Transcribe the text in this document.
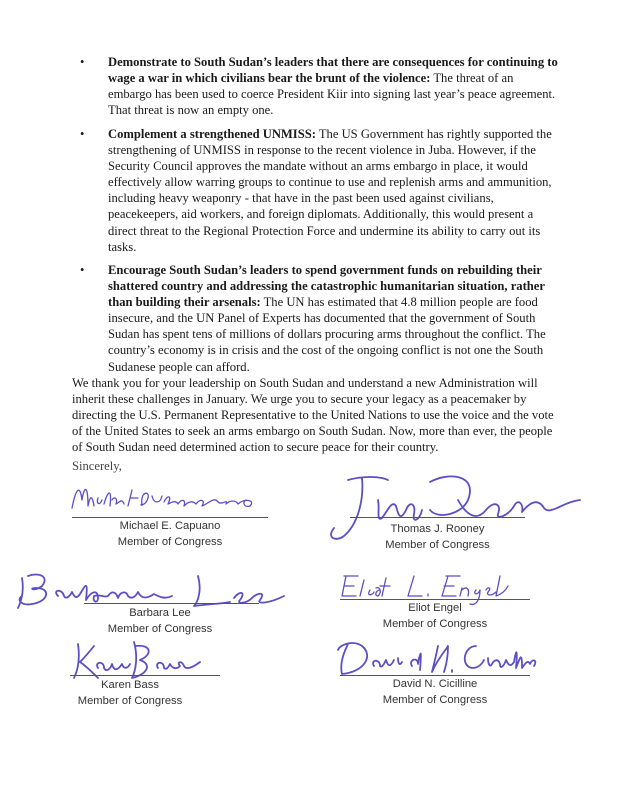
•	Demonstrate to South Sudan’s leaders that there are consequences for continuing to wage a war in which civilians bear the brunt of the violence: The threat of an embargo has been used to coerce President Kiir into signing last year’s peace agreement. That threat is now an empty one.
•	Complement a strengthened UNMISS: The US Government has rightly supported the strengthening of UNMISS in response to the recent violence in Juba. However, if the Security Council approves the mandate without an arms embargo in place, it would effectively allow warring groups to continue to use and replenish arms and ammunition, including heavy weaponry - that have in the past been used against civilians, peacekeepers, aid workers, and foreign diplomats. Additionally, this would present a direct threat to the Regional Protection Force and undermine its ability to carry out its tasks.
•	Encourage South Sudan’s leaders to spend government funds on rebuilding their shattered country and addressing the catastrophic humanitarian situation, rather than building their arsenals: The UN has estimated that 4.8 million people are food insecure, and the UN Panel of Experts has documented that the government of South Sudan has spent tens of millions of dollars procuring arms throughout the conflict. The country’s economy is in crisis and the cost of the ongoing conflict is not one the South Sudanese people can afford.
We thank you for your leadership on South Sudan and understand a new Administration will inherit these challenges in January. We urge you to secure your legacy as a peacemaker by directing the U.S. Permanent Representative to the United Nations to use the voice and the vote of the United States to seek an arms embargo on South Sudan. Now, more than ever, the people of South Sudan need determined action to secure peace for their country.
Sincerely,
Michael E. Capuano
Member of Congress
Thomas J. Rooney
Member of Congress
Barbara Lee
Member of Congress
Eliot Engel
Member of Congress
Karen Bass
Member of Congress
David N. Cicilline
Member of Congress
